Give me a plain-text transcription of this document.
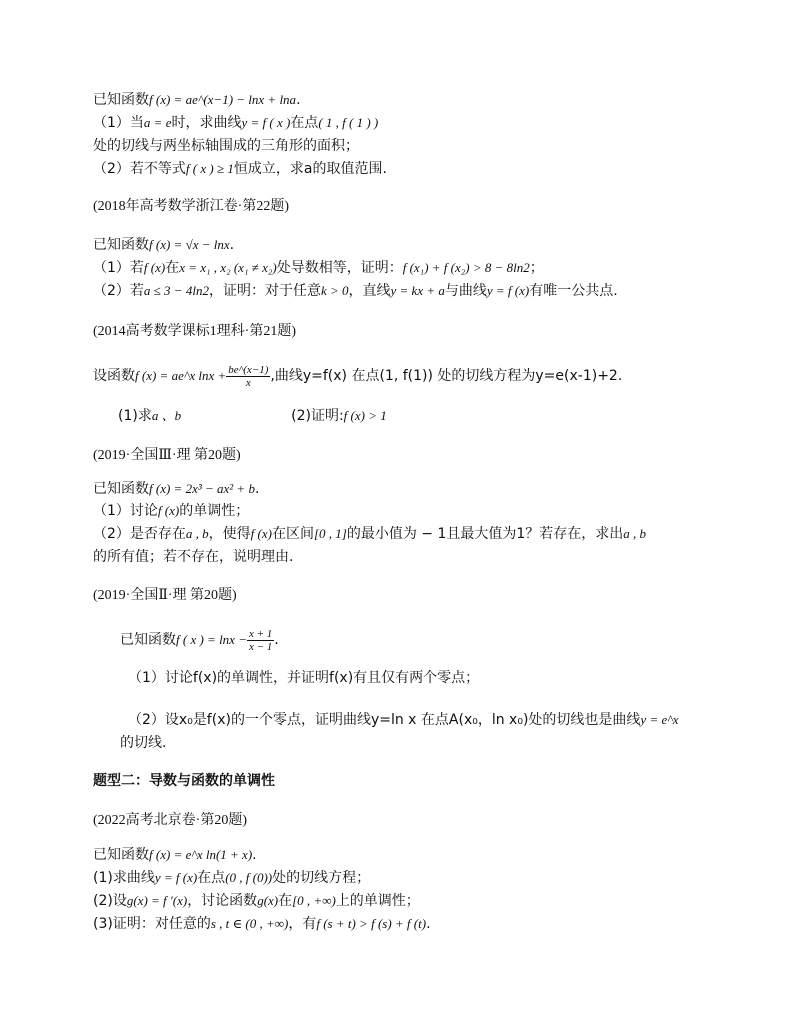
已知函数f (x) = ae^(x−1) − lnx + lna.
（1）当a = e时，求曲线y = f ( x )在点( 1 , f ( 1 ) )
处的切线与两坐标轴围成的三角形的面积；
（2）若不等式f ( x ) ≥ 1恒成立，求a的取值范围.
(2018年高考数学浙江卷·第22题)
已知函数f (x) = √x − lnx.
（1）若f (x)在x = x₁ , x₂ (x₁ ≠ x₂)处导数相等，证明：f (x₁) + f (x₂) > 8 − 8ln2；
（2）若a ≤ 3 − 4ln2，证明：对于任意k > 0，直线y = kx + a与曲线y = f (x)有唯一公共点.
(2014高考数学课标1理科·第21题)
设函数f (x) = ae^x $\ln x + \frac{be\^{}(x-1)}{x}$ ,曲线y=f(x) 在点(1, f(1)) 处的切线方程为y=e(x-1)+2.
(1)求a 、b	(2)证明:f (x) > 1
(2019·全国Ⅲ·理 第20题)
已知函数f (x) = 2x³ − ax² + b.
（1）讨论f (x)的单调性；
（2）是否存在a , b，使得f (x)在区间[0 , 1]的最小值为 − 1且最大值为1？若存在，求出a , b
的所有值；若不存在，说明理由.
(2019·全国Ⅱ·理 第20题)
已知函数f ( x ) = $\ln x - \frac{x + 1}{x - 1}$ .
（1）讨论f(x)的单调性，并证明f(x)有且仅有两个零点；
（2）设x₀是f(x)的一个零点，证明曲线y=ln x 在点A(x₀，ln x₀)处的切线也是曲线y = e^x
的切线.
题型二：导数与函数的单调性
(2022高考北京卷·第20题)
已知函数f (x) = e^x ln(1 + x).
(1)求曲线y = f (x)在点(0 , f (0))处的切线方程；
(2)设g(x) = f ′(x)，讨论函数g(x)在[0 , +∞)上的单调性；
(3)证明：对任意的s , t ∈ (0 , +∞)，有f (s + t) > f (s) + f (t).
